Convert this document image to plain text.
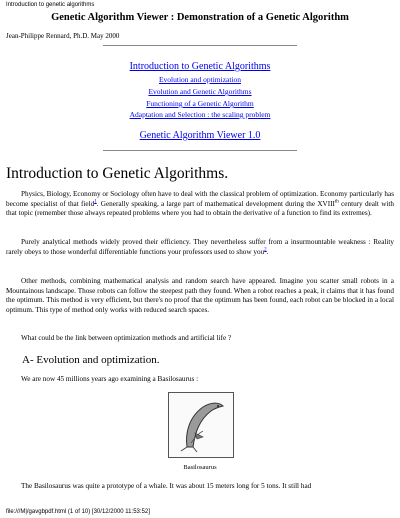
Introduction to genetic algorithms
Genetic Algorithm Viewer : Demonstration of a Genetic Algorithm
Jean-Philippe Rennard, Ph.D. May 2000
Introduction to Genetic Algorithms
Evolution and optimization
Evolution and Genetic Algorithms
Functioning of a Genetic Algorithm
Adaptation and Selection : the scaling problem
Genetic Algorithm Viewer 1.0
Introduction to Genetic Algorithms.
Physics, Biology, Economy or Sociology often have to deal with the classical problem of optimization. Economy particularly has become specialist of that field$^1$. Generally speaking, a large part of mathematical development during the XVIIIth century dealt with that topic (remember those always repeated problems where you had to obtain the derivative of a function to find its extremes).
Purely analytical methods widely proved their efficiency. They nevertheless suffer from a insurmountable weakness : Reality rarely obeys to those wonderful differentiable functions your professors used to show you$^2$.
Other methods, combining mathematical analysis and random search have appeared. Imagine you scatter small robots in a Mountainous landscape. Those robots can follow the steepest path they found. When a robot reaches a peak, it claims that it has found the optimum. This method is very efficient, but there's no proof that the optimum has been found, each robot can be blocked in a local optimum. This type of method only works with reduced search spaces.
What could be the link between optimization methods and artificial life ?
A- Evolution and optimization.
We are now 45 millions years ago examining a Basilosaurus :
Basilosaurus
The Basilosaurus was quite a prototype of a whale. It was about 15 meters long for 5 tons. It still had
file:///M|/gavgbpdf.html (1 of 10) [30/12/2000 11:53:52]
